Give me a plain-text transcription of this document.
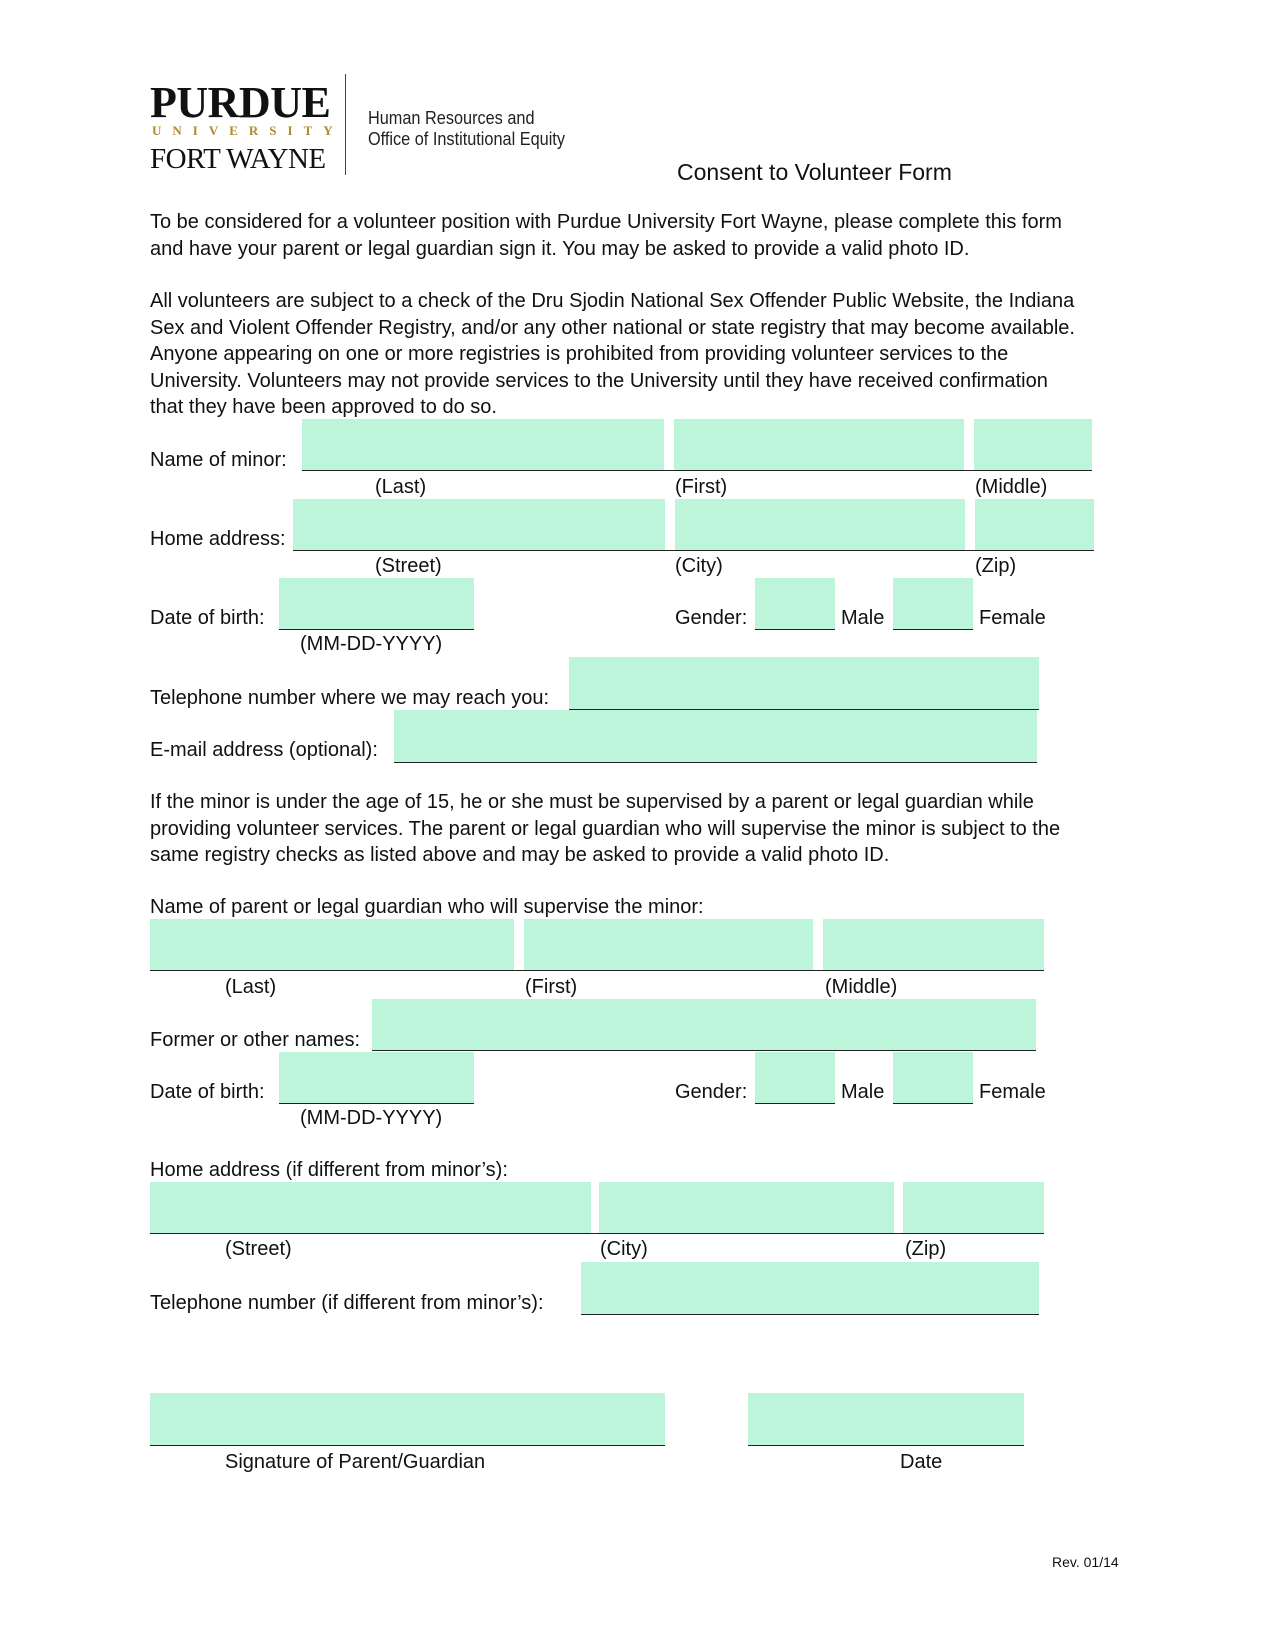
PURDUE
UNIVERSITY
FORT WAYNE
Human Resources and
Office of Institutional Equity
Consent to Volunteer Form
To be considered for a volunteer position with Purdue University Fort Wayne, please complete this form
and have your parent or legal guardian sign it. You may be asked to provide a valid photo ID.
All volunteers are subject to a check of the Dru Sjodin National Sex Offender Public Website, the Indiana
Sex and Violent Offender Registry, and/or any other national or state registry that may become available.
Anyone appearing on one or more registries is prohibited from providing volunteer services to the
University. Volunteers may not provide services to the University until they have received confirmation
that they have been approved to do so.
Name of minor:
(Last)	(First)	(Middle)
Home address:
(Street)	(City)	(Zip)
Date of birth:
(MM-DD-YYYY)
Gender:	Male	Female
Telephone number where we may reach you:
E-mail address (optional):
If the minor is under the age of 15, he or she must be supervised by a parent or legal guardian while
providing volunteer services. The parent or legal guardian who will supervise the minor is subject to the
same registry checks as listed above and may be asked to provide a valid photo ID.
Name of parent or legal guardian who will supervise the minor:
(Last)	(First)	(Middle)
Former or other names:
Date of birth:
(MM-DD-YYYY)
Gender:	Male	Female
Home address (if different from minor’s):
(Street)	(City)	(Zip)
Telephone number (if different from minor’s):
Signature of Parent/Guardian	Date
Rev. 01/14
